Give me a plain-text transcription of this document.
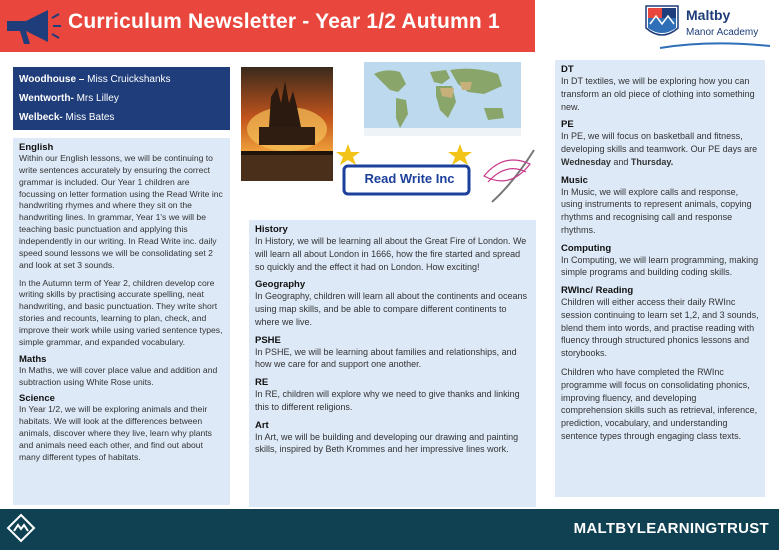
Curriculum Newsletter - Year 1/2 Autumn 1	Maltby
Manor Academy
Woodhouse – Miss Cruickshanks
Wentworth- Mrs Lilley
Welbeck- Miss Bates
English

Within our English lessons, we will be continuing to write sentences accurately by ensuring the correct grammar is included. Our Year 1 children are focussing on letter formation using the Read Write inc handwriting rhymes and where they sit on the handwriting lines. In grammar, Year 1's we will be teaching basic punctuation and applying this independently in our writing. In Read Write inc. daily speed sound lessons we will be consolidating set 2 and look at set 3 sounds.

In the Autumn term of Year 2, children develop core writing skills by practising accurate spelling, neat handwriting, and basic punctuation. They write short stories and recounts, learning to plan, check, and improve their work while using varied sentence types, simple grammar, and expanded vocabulary.

Maths

In Maths, we will cover place value and addition and subtraction using White Rose units.

Science

In Year 1/2, we will be exploring animals and their habitats. We will look at the differences between animals, discover where they live, learn why plants and animals need each other, and find out about many different types of habitats.

Read Write Inc
History

In History, we will be learning all about the Great Fire of London. We will learn all about London in 1666, how the fire started and spread so quickly and the effect it had on London. How exciting!

Geography

In Geography, children will learn all about the continents and oceans using map skills, and be able to compare different continents to where we live.

PSHE

In PSHE, we will be learning about families and relationships, and how we care for and support one another.

RE

In RE, children will explore why we need to give thanks and linking this to different religions.

Art

In Art, we will be building and developing our drawing and painting skills, inspired by Beth Krommes and her impressive lines work.

DT

In DT textiles, we will be exploring how you can transform an old piece of clothing into something new.

PE

In PE, we will focus on basketball and fitness, developing skills and teamwork. Our PE days are Wednesday and Thursday.

Music

In Music, we will explore calls and response, using instruments to represent animals, copying rhythms and recognising call and response rhythms.

Computing

In Computing, we will learn programming, making simple programs and building coding skills.

RWInc/ Reading

Children will either access their daily RWInc session continuing to learn set 1,2, and 3 sounds, blend them into words, and practise reading with fluency through structured phonics lessons and storybooks.

Children who have completed the RWInc programme will focus on consolidating phonics, improving fluency, and developing comprehension skills such as retrieval, inference, prediction, vocabulary, and understanding sentence types through engaging class texts.

MALTBYLEARNINGTRUST
